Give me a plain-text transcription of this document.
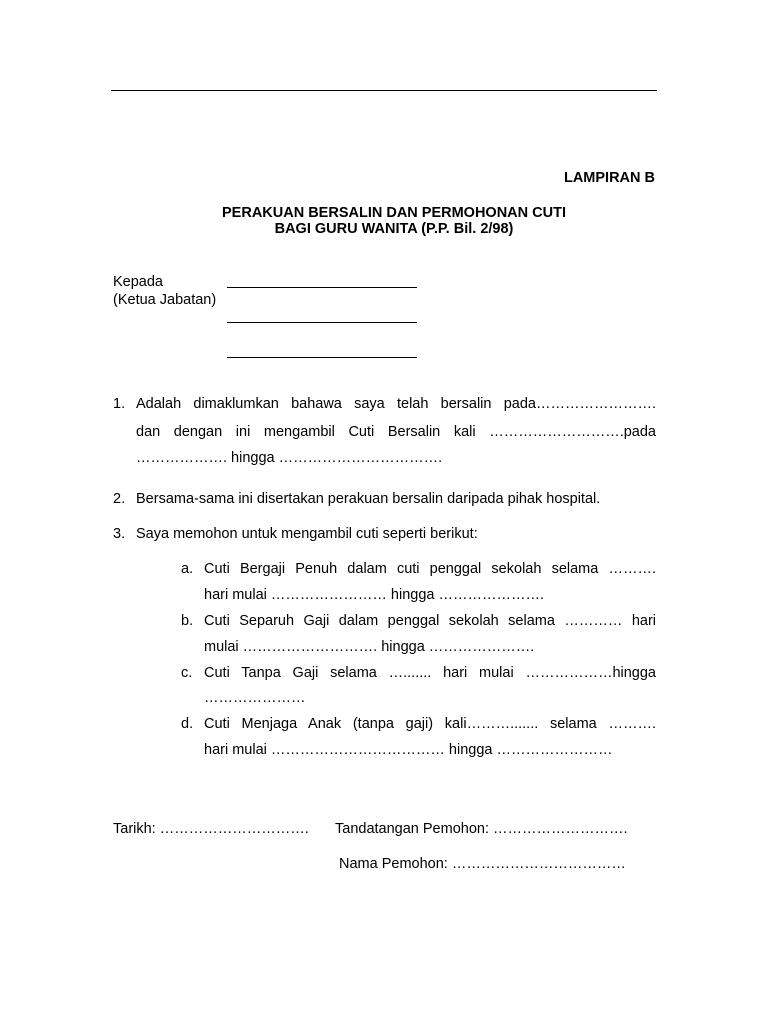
LAMPIRAN B
PERAKUAN BERSALIN DAN PERMOHONAN CUTI
BAGI GURU WANITA (P.P. Bil. 2/98)
Kepada
(Ketua Jabatan)
1. Adalah dimaklumkan bahawa saya telah bersalin pada…………………….
dan dengan ini mengambil Cuti Bersalin kali ……………………….pada
………………. hingga …………………………….
2. Bersama-sama ini disertakan perakuan bersalin daripada pihak hospital.
3. Saya memohon untuk mengambil cuti seperti berikut:
a. Cuti Bergaji Penuh dalam cuti penggal sekolah selama ……….
hari mulai …………………… hingga ………………….
b. Cuti Separuh Gaji dalam penggal sekolah selama ………… hari
mulai ………………………. hingga ………………….
c. Cuti Tanpa Gaji selama …....... hari mulai ………………hingga
…………………
d. Cuti Menjaga Anak (tanpa gaji) kali………....... selama ……….
hari mulai ……………………………… hingga ……………………
Tarikh: …………………………. Tandatangan Pemohon: ……………………….
Nama Pemohon: ………………………………
